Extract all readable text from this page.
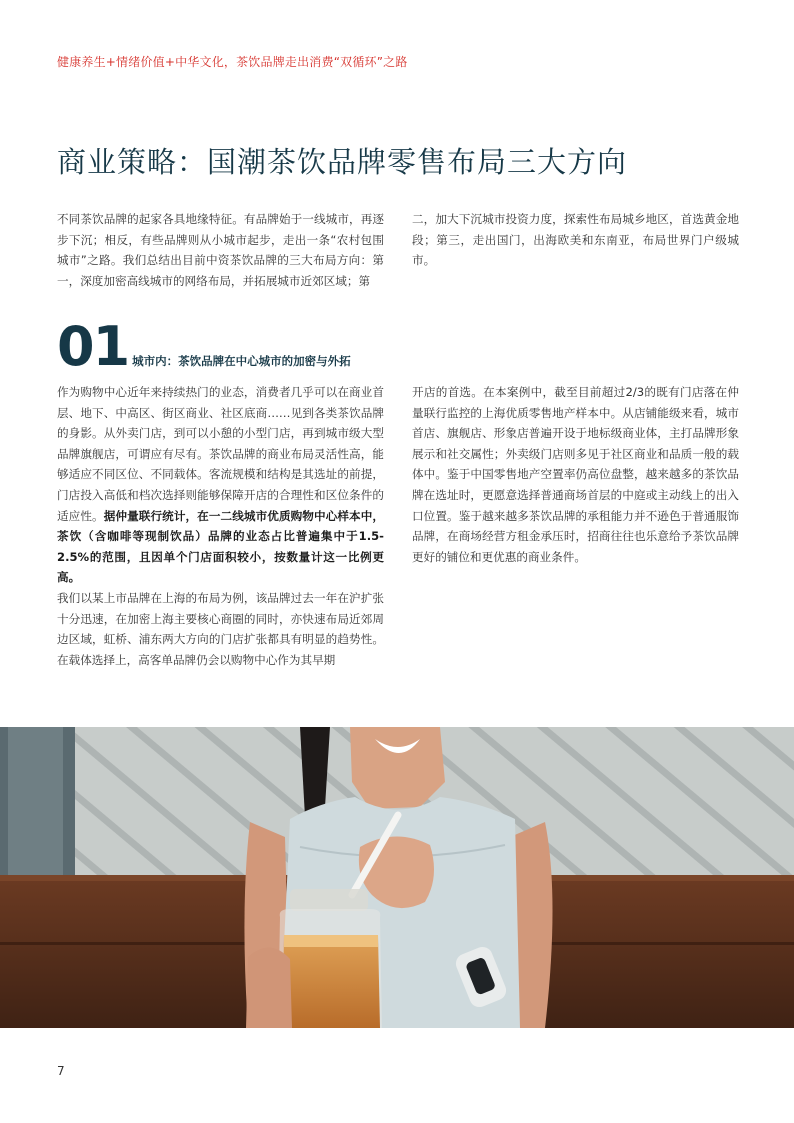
健康养生+情绪价值+中华文化，茶饮品牌走出消费“双循环”之路
商业策略：国潮茶饮品牌零售布局三大方向

不同茶饮品牌的起家各具地缘特征。有品牌始于一线城市，再逐步下沉；相反，有些品牌则从小城市起步，走出一条“农村包围城市”之路。我们总结出目前中资茶饮品牌的三大布局方向：第一，深度加密高线城市的网络布局，并拓展城市近郊区域；第

二，加大下沉城市投资力度，探索性布局城乡地区，首选黄金地段；第三，走出国门，出海欧美和东南亚，布局世界门户级城市。

01 城市内：茶饮品牌在中心城市的加密与外拓

作为购物中心近年来持续热门的业态，消费者几乎可以在商业首层、地下、中高区、街区商业、社区底商……见到各类茶饮品牌的身影。从外卖门店，到可以小憩的小型门店，再到城市级大型品牌旗舰店，可谓应有尽有。茶饮品牌的商业布局灵活性高，能够适应不同区位、不同载体。客流规模和结构是其选址的前提，门店投入高低和档次选择则能够保障开店的合理性和区位条件的适应性。据仲量联行统计，在一二线城市优质购物中心样本中，茶饮（含咖啡等现制饮品）品牌的业态占比普遍集中于1.5-2.5%的范围，且因单个门店面积较小，按数量计这一比例更高。

我们以某上市品牌在上海的布局为例，该品牌过去一年在沪扩张十分迅速，在加密上海主要核心商圈的同时，亦快速布局近郊周边区域，虹桥、浦东两大方向的门店扩张都具有明显的趋势性。在载体选择上，高客单品牌仍会以购物中心作为其早期

开店的首选。在本案例中，截至目前超过2/3的既有门店落在仲量联行监控的上海优质零售地产样本中。从店铺能级来看，城市首店、旗舰店、形象店普遍开设于地标级商业体，主打品牌形象展示和社交属性；外卖级门店则多见于社区商业和品质一般的载体中。鉴于中国零售地产空置率仍高位盘整，越来越多的茶饮品牌在选址时，更愿意选择普通商场首层的中庭或主动线上的出入口位置。鉴于越来越多茶饮品牌的承租能力并不逊色于普通服饰品牌，在商场经营方租金承压时，招商往往也乐意给予茶饮品牌更好的铺位和更优惠的商业条件。

7
